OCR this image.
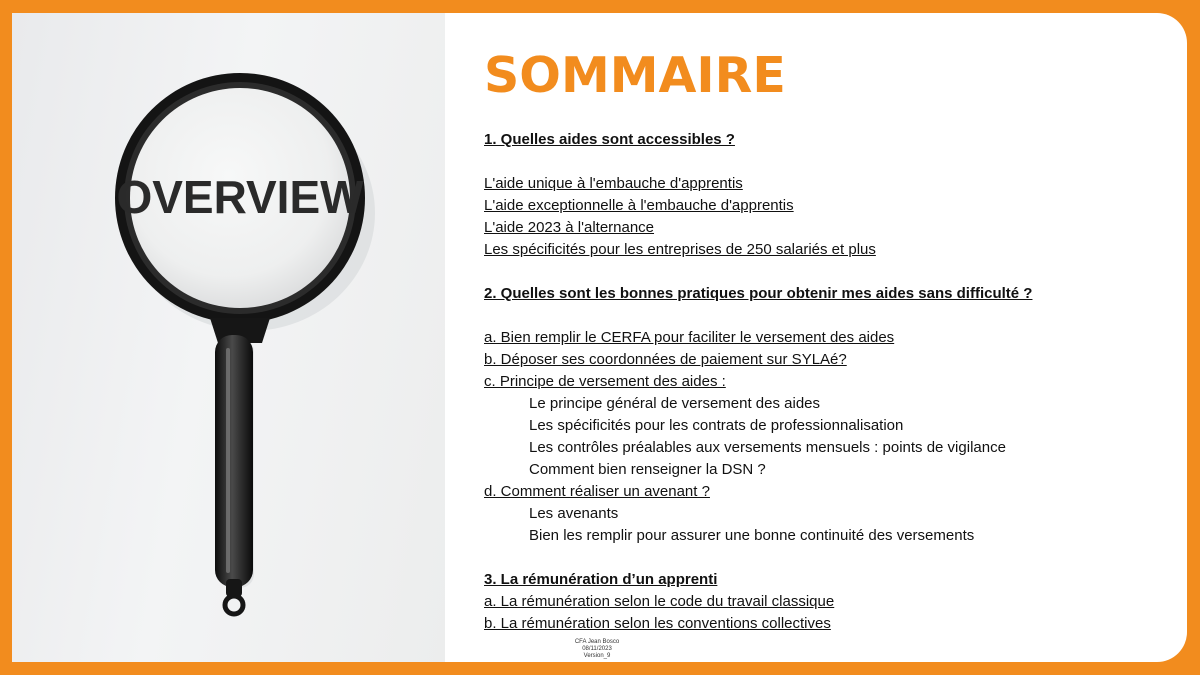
OVERVIEW
SOMMAIRE
1. Quelles aides sont accessibles ?
L'aide unique à l'embauche d'apprentis
L'aide exceptionnelle à l'embauche d'apprentis
L'aide 2023 à l'alternance
Les spécificités pour les entreprises de 250 salariés et plus
2. Quelles sont les bonnes pratiques pour obtenir mes aides sans difficulté ?
a. Bien remplir le CERFA pour faciliter le versement des aides
b. Déposer ses coordonnées de paiement sur SYLAé?
c. Principe de versement des aides :
Le principe général de versement des aides
Les spécificités pour les contrats de professionnalisation
Les contrôles préalables aux versements mensuels : points de vigilance
Comment bien renseigner la DSN ?
d. Comment réaliser un avenant ?
Les avenants
Bien les remplir pour assurer une bonne continuité des versements
3. La rémunération d’un apprenti
a. La rémunération selon le code du travail classique
b. La rémunération selon les conventions collectives
CFA Jean Bosco
08/11/2023
Version_9
